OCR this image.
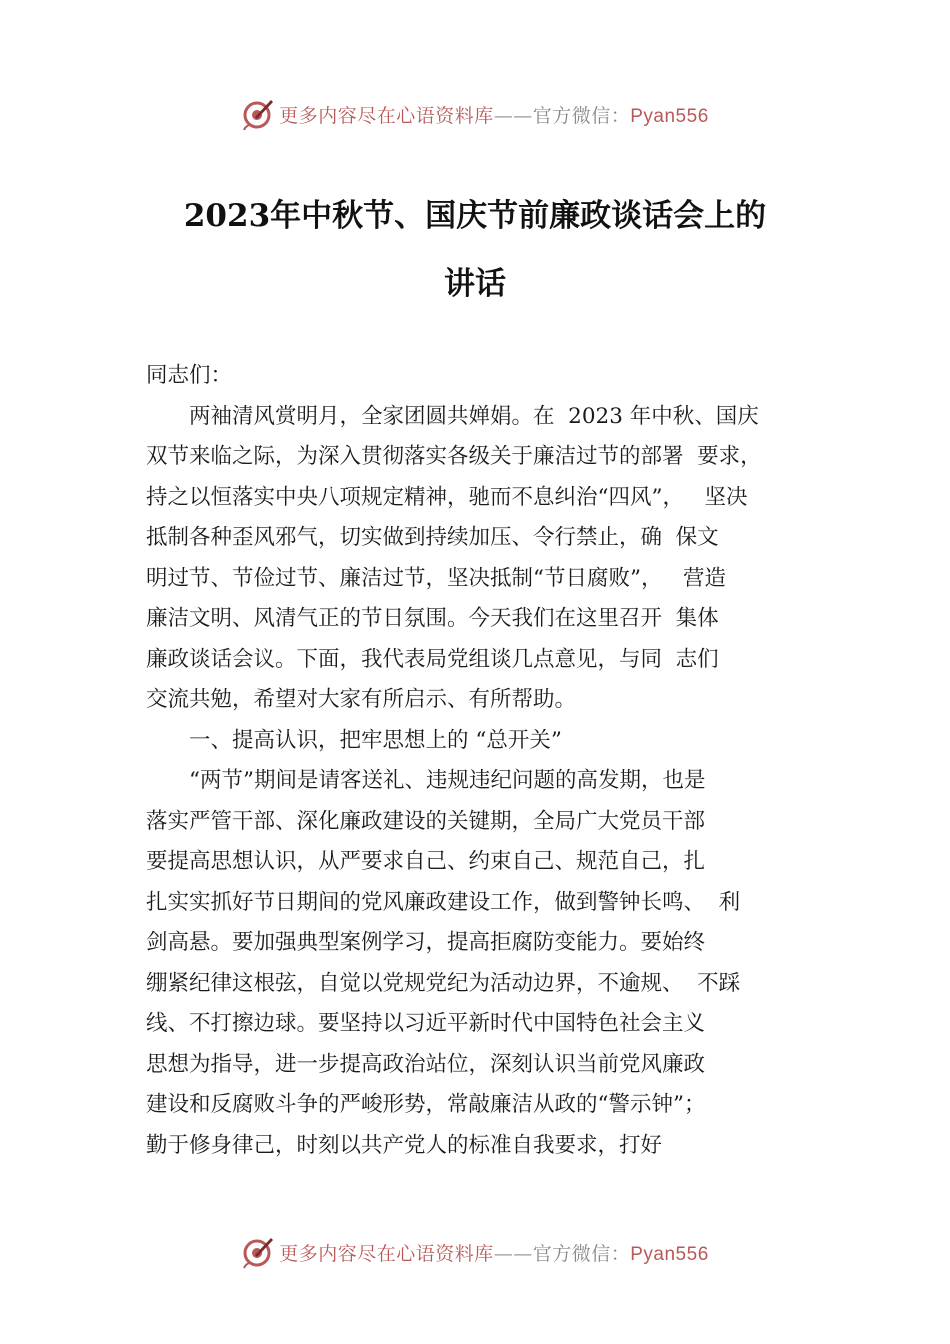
更多内容尽在心语资料库——官方微信：Pyan556
2023年中秋节、国庆节前廉政谈话会上的
讲话
同志们：
两袖清风赏明月，全家团圆共婵娟。在  2023 年中秋、国庆
双节来临之际，为深入贯彻落实各级关于廉洁过节的部署  要求，
持之以恒落实中央八项规定精神，驰而不息纠治“四风”，   坚决
抵制各种歪风邪气，切实做到持续加压、令行禁止，确  保文
明过节、节俭过节、廉洁过节，坚决抵制“节日腐败”，   营造
廉洁文明、风清气正的节日氛围。今天我们在这里召开  集体
廉政谈话会议。下面，我代表局党组谈几点意见，与同  志们
交流共勉，希望对大家有所启示、有所帮助。
一、提高认识，把牢思想上的 “总开关”
“两节”期间是请客送礼、违规违纪问题的高发期，也是
落实严管干部、深化廉政建设的关键期，全局广大党员干部
要提高思想认识，从严要求自己、约束自己、规范自己，扎
扎实实抓好节日期间的党风廉政建设工作，做到警钟长鸣、  利
剑高悬。要加强典型案例学习，提高拒腐防变能力。要始终
绷紧纪律这根弦，自觉以党规党纪为活动边界，不逾规、  不踩
线、不打擦边球。要坚持以习近平新时代中国特色社会主义
思想为指导，进一步提高政治站位，深刻认识当前党风廉政
建设和反腐败斗争的严峻形势，常敲廉洁从政的“警示钟”；
勤于修身律己，时刻以共产党人的标准自我要求，打好
更多内容尽在心语资料库——官方微信：Pyan556
